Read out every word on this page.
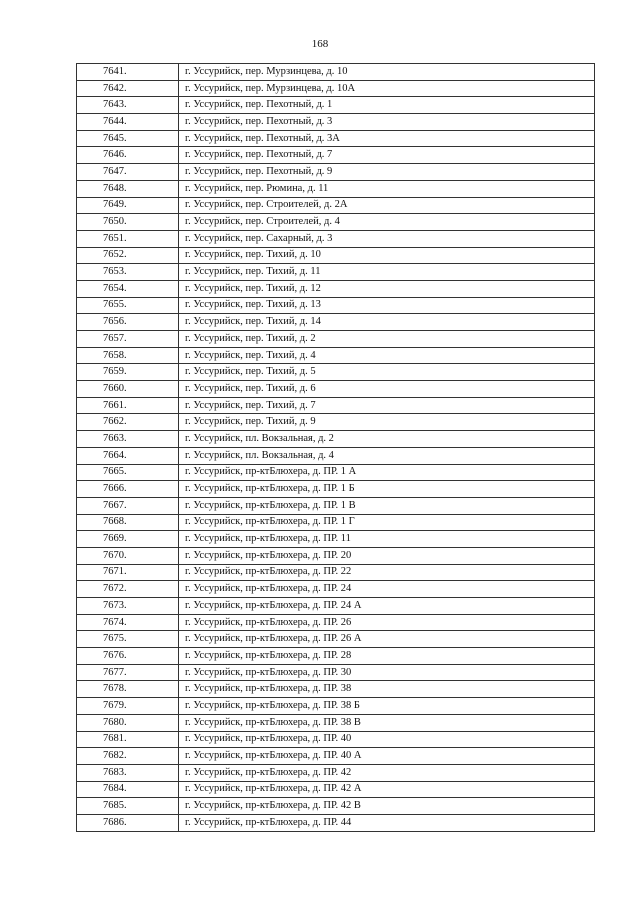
168
7641.	г. Уссурийск, пер. Мурзинцева, д. 10
7642.	г. Уссурийск, пер. Мурзинцева, д. 10А
7643.	г. Уссурийск, пер. Пехотный, д. 1
7644.	г. Уссурийск, пер. Пехотный, д. 3
7645.	г. Уссурийск, пер. Пехотный, д. 3А
7646.	г. Уссурийск, пер. Пехотный, д. 7
7647.	г. Уссурийск, пер. Пехотный, д. 9
7648.	г. Уссурийск, пер. Рюмина, д. 11
7649.	г. Уссурийск, пер. Строителей, д. 2А
7650.	г. Уссурийск, пер. Строителей, д. 4
7651.	г. Уссурийск, пер. Сахарный, д. 3
7652.	г. Уссурийск, пер. Тихий, д. 10
7653.	г. Уссурийск, пер. Тихий, д. 11
7654.	г. Уссурийск, пер. Тихий, д. 12
7655.	г. Уссурийск, пер. Тихий, д. 13
7656.	г. Уссурийск, пер. Тихий, д. 14
7657.	г. Уссурийск, пер. Тихий, д. 2
7658.	г. Уссурийск, пер. Тихий, д. 4
7659.	г. Уссурийск, пер. Тихий, д. 5
7660.	г. Уссурийск, пер. Тихий, д. 6
7661.	г. Уссурийск, пер. Тихий, д. 7
7662.	г. Уссурийск, пер. Тихий, д. 9
7663.	г. Уссурийск, пл. Вокзальная, д. 2
7664.	г. Уссурийск, пл. Вокзальная, д. 4
7665.	г. Уссурийск, пр-ктБлюхера, д. ПР. 1 А
7666.	г. Уссурийск, пр-ктБлюхера, д. ПР. 1 Б
7667.	г. Уссурийск, пр-ктБлюхера, д. ПР. 1 В
7668.	г. Уссурийск, пр-ктБлюхера, д. ПР. 1 Г
7669.	г. Уссурийск, пр-ктБлюхера, д. ПР. 11
7670.	г. Уссурийск, пр-ктБлюхера, д. ПР. 20
7671.	г. Уссурийск, пр-ктБлюхера, д. ПР. 22
7672.	г. Уссурийск, пр-ктБлюхера, д. ПР. 24
7673.	г. Уссурийск, пр-ктБлюхера, д. ПР. 24 А
7674.	г. Уссурийск, пр-ктБлюхера, д. ПР. 26
7675.	г. Уссурийск, пр-ктБлюхера, д. ПР. 26 А
7676.	г. Уссурийск, пр-ктБлюхера, д. ПР. 28
7677.	г. Уссурийск, пр-ктБлюхера, д. ПР. 30
7678.	г. Уссурийск, пр-ктБлюхера, д. ПР. 38
7679.	г. Уссурийск, пр-ктБлюхера, д. ПР. 38 Б
7680.	г. Уссурийск, пр-ктБлюхера, д. ПР. 38 В
7681.	г. Уссурийск, пр-ктБлюхера, д. ПР. 40
7682.	г. Уссурийск, пр-ктБлюхера, д. ПР. 40 А
7683.	г. Уссурийск, пр-ктБлюхера, д. ПР. 42
7684.	г. Уссурийск, пр-ктБлюхера, д. ПР. 42 А
7685.	г. Уссурийск, пр-ктБлюхера, д. ПР. 42 В
7686.	г. Уссурийск, пр-ктБлюхера, д. ПР. 44
